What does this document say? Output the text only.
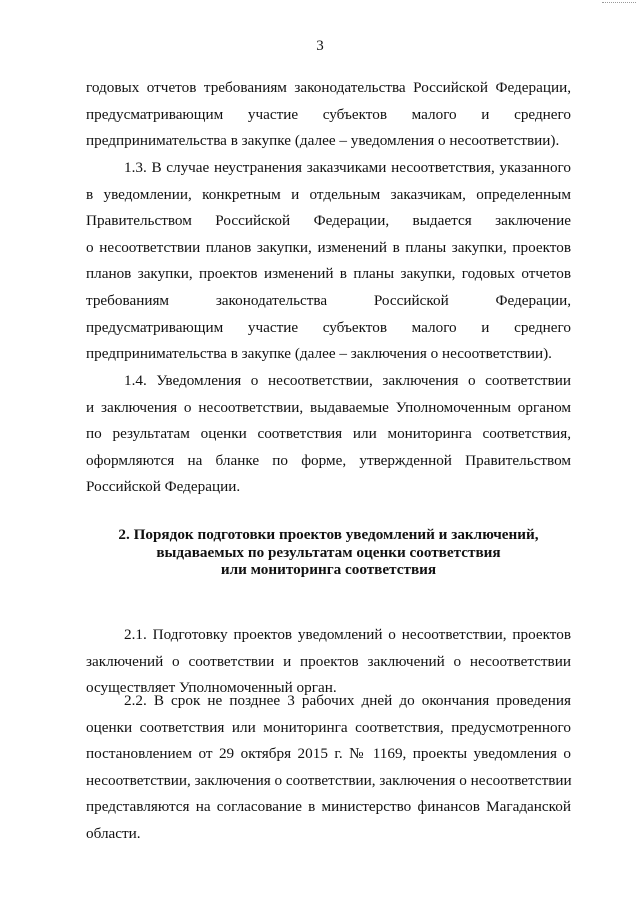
3
годовых отчетов требованиям законодательства Российской Федерации,
предусматривающим участие субъектов малого и среднего
предпринимательства в закупке (далее – уведомления о несоответствии).
1.3. В случае неустранения заказчиками несоответствия, указанного
в уведомлении, конкретным и отдельным заказчикам, определенным
Правительством Российской Федерации, выдается заключение
о несоответствии планов закупки, изменений в планы закупки, проектов
планов закупки, проектов изменений в планы закупки, годовых отчетов
требованиям законодательства Российской Федерации,
предусматривающим участие субъектов малого и среднего
предпринимательства в закупке (далее – заключения о несоответствии).
1.4. Уведомления о несоответствии, заключения о соответствии
и заключения о несоответствии, выдаваемые Уполномоченным органом
по результатам оценки соответствия или мониторинга соответствия,
оформляются на бланке по форме, утвержденной Правительством
Российской Федерации.
2. Порядок подготовки проектов уведомлений и заключений,
выдаваемых по результатам оценки соответствия
или мониторинга соответствия
2.1. Подготовку проектов уведомлений о несоответствии, проектов
заключений о соответствии и проектов заключений о несоответствии
осуществляет Уполномоченный орган.
2.2. В срок не позднее 3 рабочих дней до окончания проведения
оценки соответствия или мониторинга соответствия, предусмотренного
постановлением от 29 октября 2015 г. № 1169, проекты уведомления о
несоответствии, заключения о соответствии, заключения о несоответствии
представляются на согласование в министерство финансов Магаданской
области.
